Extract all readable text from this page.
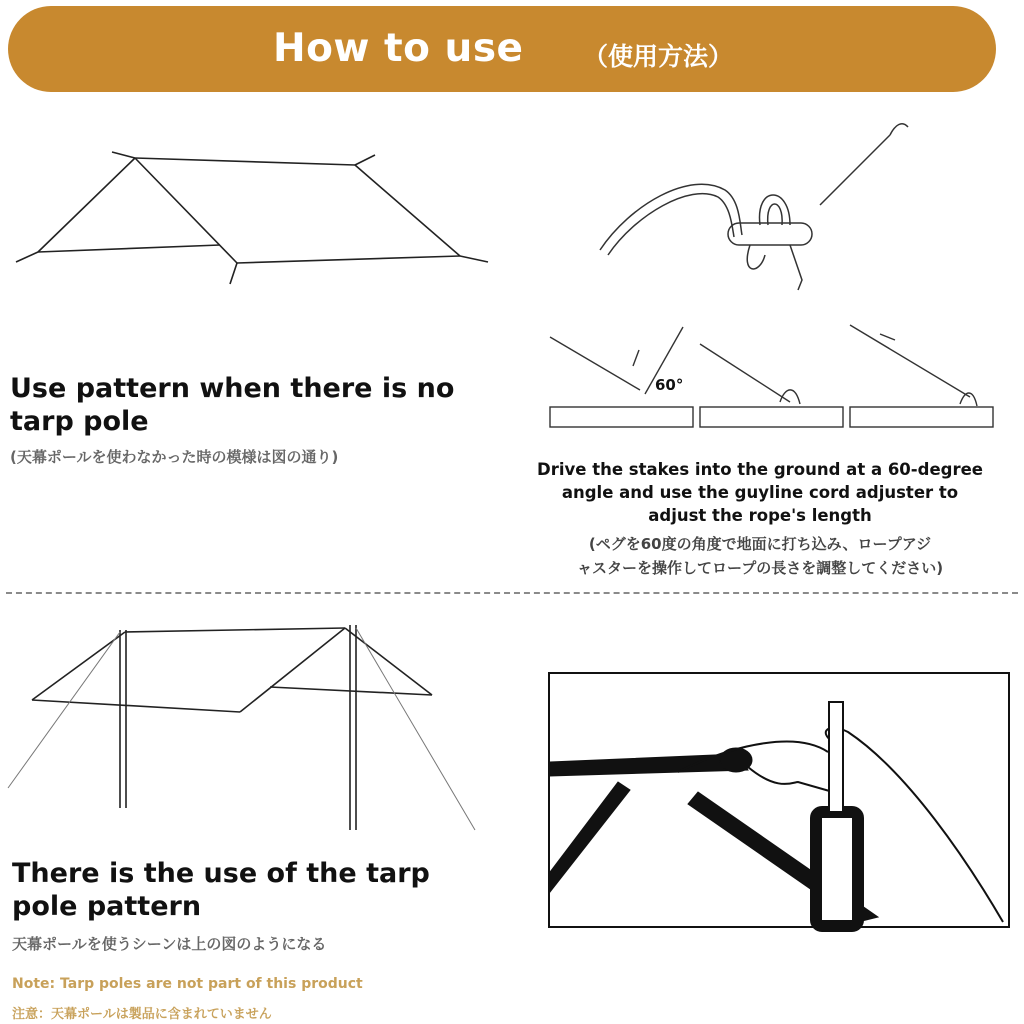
How to use （使用方法）
60°
Use pattern when there is no
tarp pole
(天幕ポールを使わなかった時の模様は図の通り)
Drive the stakes into the ground at a 60-degree
angle and use the guyline cord adjuster to
adjust the rope's length
(ペグを60度の角度で地面に打ち込み、ロープアジ
ャスターを操作してロープの長さを調整してください)
There is the use of the tarp
pole pattern
天幕ポールを使うシーンは上の図のようになる
Note: Tarp poles are not part of this product
注意：天幕ポールは製品に含まれていません
